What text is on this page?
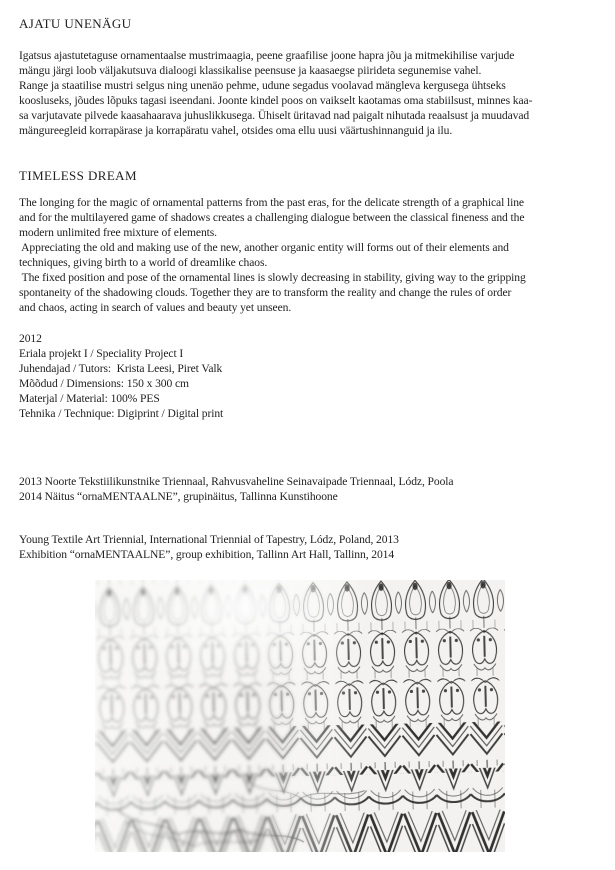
AJATU UNENÄGU
Igatsus ajastutetaguse ornamentaalse mustrimaagia, peene graafilise joone hapra jõu ja mitmekihilise varjude
mängu järgi loob väljakutsuva dialoogi klassikalise peensuse ja kaasaegse piirideta segunemise vahel.
Range ja staatilise mustri selgus ning unenäo pehme, udune segadus voolavad mängleva kergusega ühtseks
koosluseks, jõudes lõpuks tagasi iseendani. Joonte kindel poos on vaikselt kaotamas oma stabiilsust, minnes kaa-
sa varjutavate pilvede kaasahaarava juhuslikkusega. Ühiselt üritavad nad paigalt nihutada reaalsust ja muudavad
mängureegleid korrapärase ja korrapäratu vahel, otsides oma ellu uusi väärtushinnanguid ja ilu.
TIMELESS DREAM
The longing for the magic of ornamental patterns from the past eras, for the delicate strength of a graphical line
and for the multilayered game of shadows creates a challenging dialogue between the classical fineness and the
modern unlimited free mixture of elements.
Appreciating the old and making use of the new, another organic entity will forms out of their elements and
techniques, giving birth to a world of dreamlike chaos.
The fixed position and pose of the ornamental lines is slowly decreasing in stability, giving way to the gripping
spontaneity of the shadowing clouds. Together they are to transform the reality and change the rules of order
and chaos, acting in search of values and beauty yet unseen.
2012
Eriala projekt I / Speciality Project I
Juhendajad / Tutors:  Krista Leesi, Piret Valk
Mõõdud / Dimensions: 150 x 300 cm
Materjal / Material: 100% PES
Tehnika / Technique: Digiprint / Digital print
2013 Noorte Tekstiilikunstnike Triennaal, Rahvusvaheline Seinavaipade Triennaal, Lódz, Poola
2014 Näitus “ornaMENTAALNE”, grupinäitus, Tallinna Kunstihoone
Young Textile Art Triennial, International Triennial of Tapestry, Lódz, Poland, 2013
Exhibition “ornaMENTAALNE”, group exhibition, Tallinn Art Hall, Tallinn, 2014
